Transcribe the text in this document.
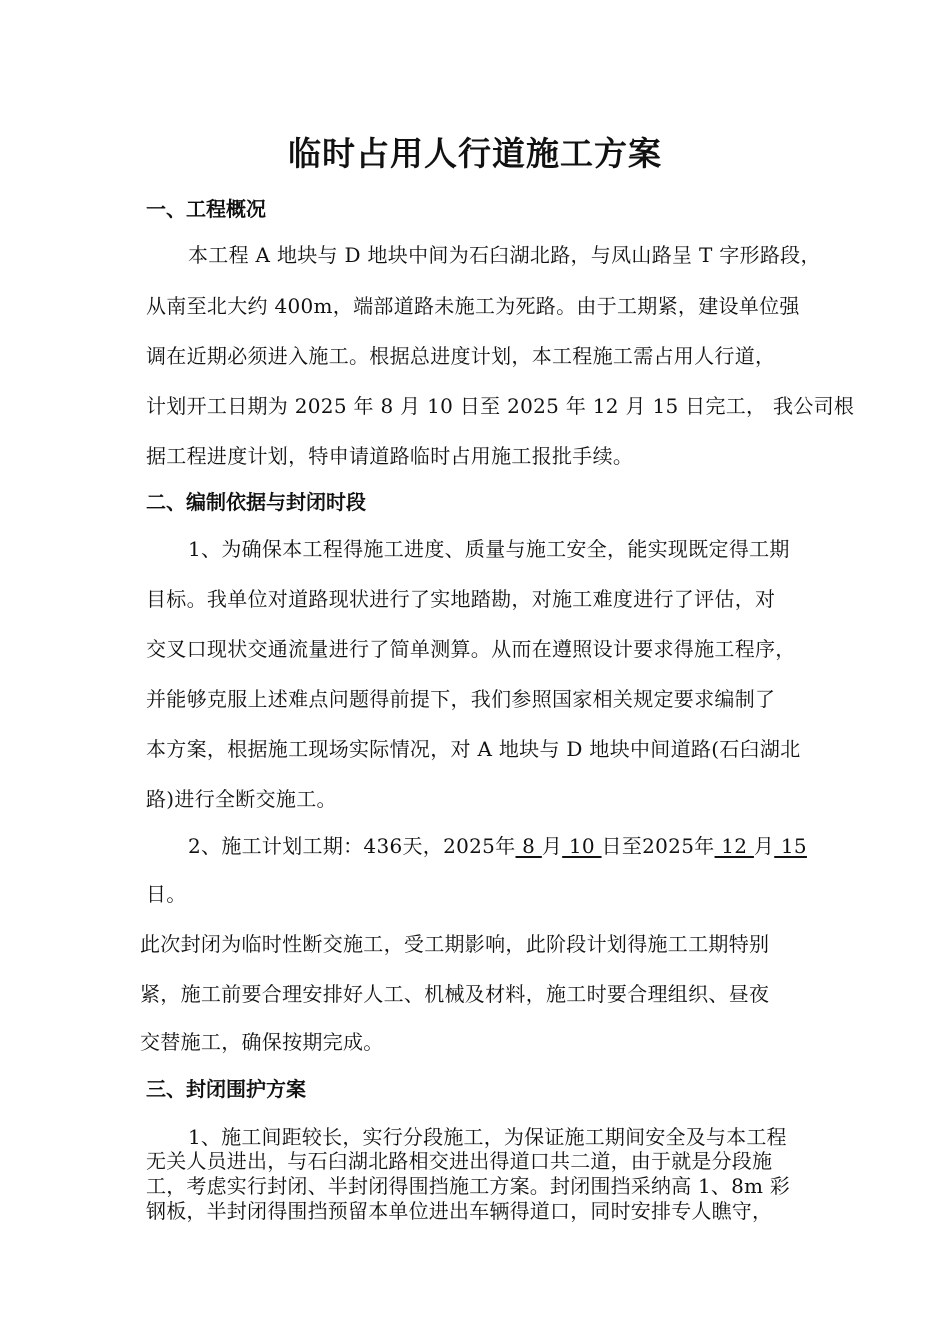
临时占用人行道施工方案
一、工程概况
本工程 A 地块与 D 地块中间为石臼湖北路，与凤山路呈 T 字形路段，
从南至北大约 400m，端部道路未施工为死路。由于工期紧，建设单位强
调在近期必须进入施工。根据总进度计划，本工程施工需占用人行道，
计划开工日期为 2025 年 8 月 10 日至 2025 年 12 月 15 日完工， 我公司根
据工程进度计划，特申请道路临时占用施工报批手续。
二、编制依据与封闭时段
1、为确保本工程得施工进度、质量与施工安全，能实现既定得工期
目标。我单位对道路现状进行了实地踏勘，对施工难度进行了评估，对
交叉口现状交通流量进行了简单测算。从而在遵照设计要求得施工程序，
并能够克服上述难点问题得前提下，我们参照国家相关规定要求编制了
本方案，根据施工现场实际情况，对 A 地块与 D 地块中间道路(石臼湖北
路)进行全断交施工。
2、施工计划工期：436天，2025年 8 月 10 日至2025年 12 月 15
日。
此次封闭为临时性断交施工，受工期影响，此阶段计划得施工工期特别
紧，施工前要合理安排好人工、机械及材料，施工时要合理组织、昼夜
交替施工，确保按期完成。
三、封闭围护方案
1、施工间距较长，实行分段施工，为保证施工期间安全及与本工程
无关人员进出，与石臼湖北路相交进出得道口共二道，由于就是分段施
工，考虑实行封闭、半封闭得围挡施工方案。封闭围挡采纳高 1、8m 彩
钢板，半封闭得围挡预留本单位进出车辆得道口，同时安排专人瞧守，
